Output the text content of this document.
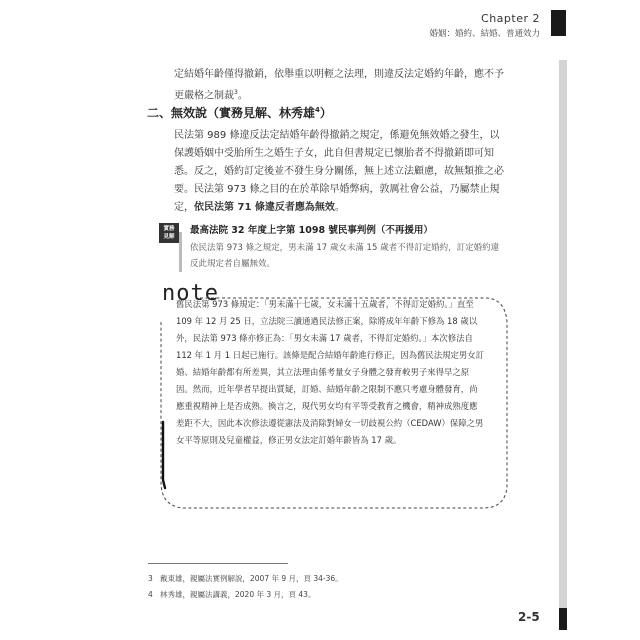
Chapter 2
婚姻：婚約、結婚、普通效力
定結婚年齡僅得撤銷，依舉重以明輕之法理，則違反法定婚約年齡，應不予更嚴格之制裁$^3$。
二、無效說（實務見解、林秀雄$^4$）
民法第 989 條違反法定結婚年齡得撤銷之規定，係避免無效婚之發生，以保護婚姻中受胎所生之婚生子女，此自但書規定已懷胎者不得撤銷即可知悉。反之，婚約訂定後並不發生身分關係，無上述立法顧慮，故無類推之必要。民法第 973 條之目的在於革除早婚弊病，敦厲社會公益，乃屬禁止規定，依民法第 71 條違反者應為無效。
實務
見解
最高法院 32 年度上字第 1098 號民事判例（不再援用）
依民法第 973 條之規定，男未滿 17 歲女未滿 15 歲者不得訂定婚約，訂定婚約違反此規定者自屬無效。
note
舊民法第 973 條規定：「男未滿十七歲，女未滿十五歲者，不得訂定婚約。」直至 109 年 12 月 25 日，立法院三讀通過民法修正案，除將成年年齡下修為 18 歲以外，民法第 973 條亦修正為：「男女未滿 17 歲者，不得訂定婚約。」本次修法自 112 年 1 月 1 日起已施行。該條是配合結婚年齡進行修正，因為舊民法規定男女訂婚、結婚年齡都有所差異，其立法理由係考量女子身體之發育較男子來得早之原因。然而，近年學者早提出質疑，訂婚、結婚年齡之限制不應只考慮身體發育，尚應重視精神上是否成熟。換言之，現代男女均有平等受教育之機會，精神成熟度應差距不大，因此本次修法遵從憲法及消除對婦女一切歧視公約（CEDAW）保障之男女平等原則及兒童權益，修正男女法定訂婚年齡皆為 17 歲。
3 戴東雄，親屬法實例解說，2007 年 9 月，頁 34-36。
4 林秀雄，親屬法講義，2020 年 3 月，頁 43。
2-5
